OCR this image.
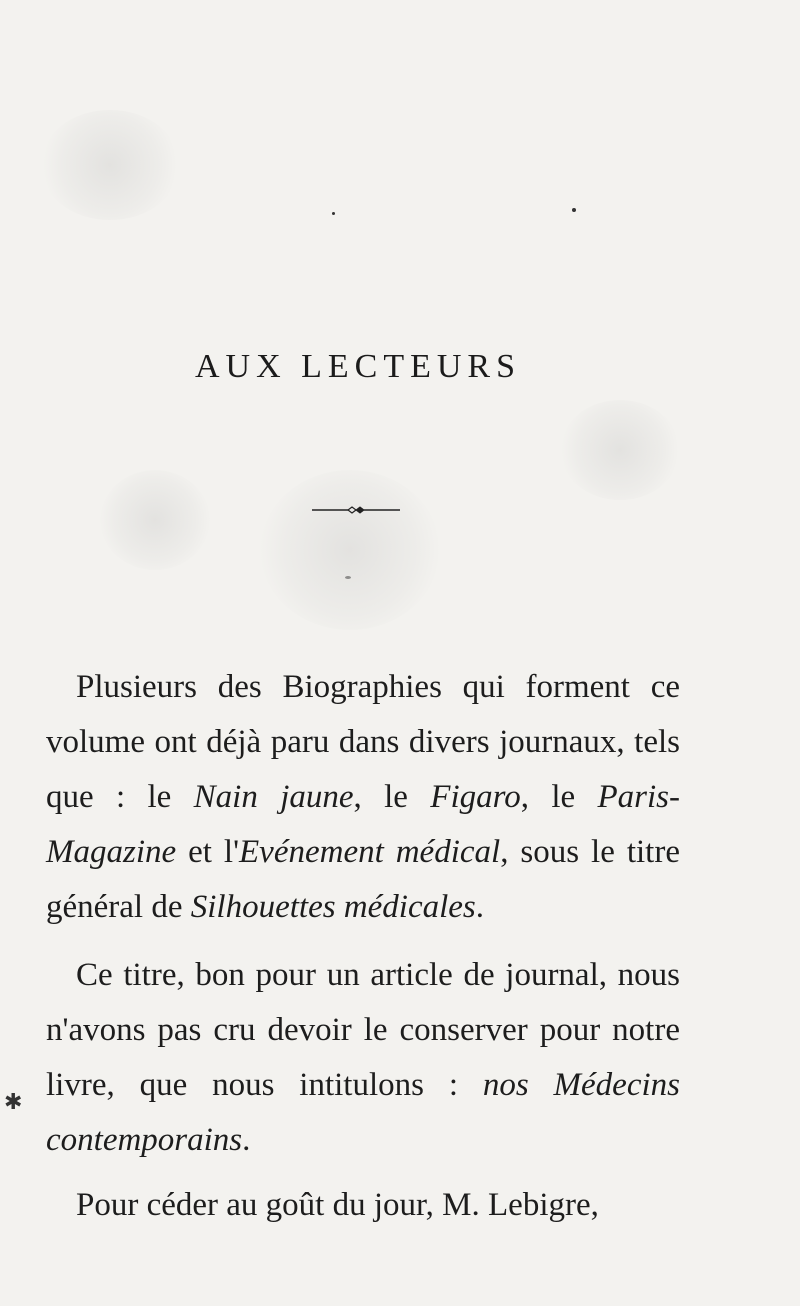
AUX LECTEURS

Plusieurs des Biographies qui forment ce volume ont déjà paru dans divers journaux, tels que : le Nain jaune, le Figaro, le Paris-Magazine et l'Evénement médical, sous le titre général de Silhouettes médicales.

Ce titre, bon pour un article de journal, nous n'avons pas cru devoir le conserver pour notre livre, que nous intitulons : nos Médecins contemporains.

Pour céder au goût du jour, M. Lebigre,

✱
